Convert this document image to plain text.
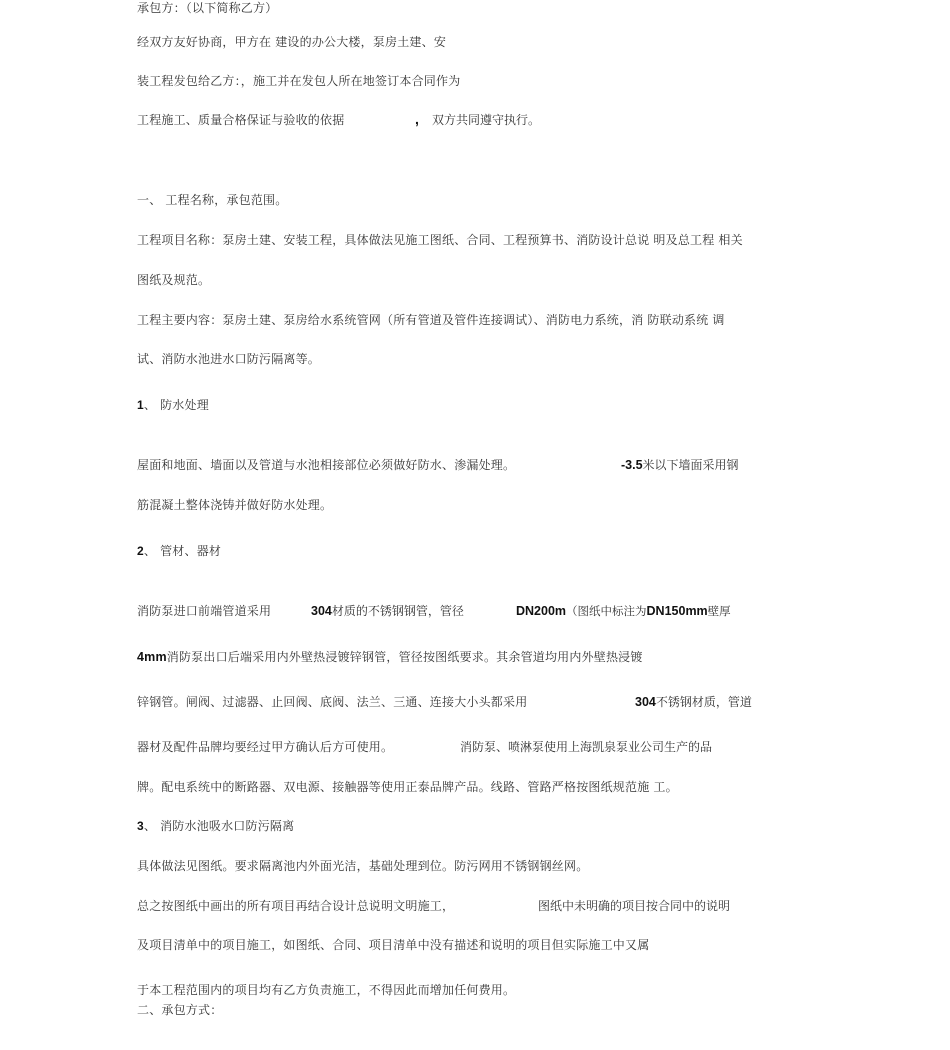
承包方：（以下简称乙方）
经双方友好协商，甲方在 建设的办公大楼，泵房土建、安
装工程发包给乙方：，施工并在发包人所在地签订本合同作为
工程施工、质量合格保证与验收的依据	, 双方共同遵守执行。
一、 工程名称，承包范围。
工程项目名称：泵房土建、安装工程，具体做法见施工图纸、合同、工程预算书、消防设计总说 明及总工程 相关
图纸及规范。
工程主要内容：泵房土建、泵房给水系统管网（所有管道及管件连接调试）、消防电力系统，消 防联动系统 调
试、消防水池进水口防污隔离等。
1、 防水处理
屋面和地面、墙面以及管道与水池相接部位必须做好防水、渗漏处理。	-3.5米以下墙面采用钢
筋混凝土整体浇铸并做好防水处理。
2、 管材、器材
消防泵进口前端管道采用	304材质的不锈钢钢管，管径	DN200m（图纸中标注为DN150mm壁厚
4mm消防泵出口后端采用内外壁热浸镀锌钢管，管径按图纸要求。其余管道均用内外壁热浸镀
锌钢管。闸阀、过滤器、止回阀、底阀、法兰、三通、连接大小头都采用	304不锈钢材质，管道
器材及配件品牌均要经过甲方确认后方可使用。	消防泵、喷淋泵使用上海凯泉泵业公司生产的品
牌。配电系统中的断路器、双电源、接触器等使用正泰品牌产品。线路、管路严格按图纸规范施 工。
3、 消防水池吸水口防污隔离
具体做法见图纸。要求隔离池内外面光洁，基础处理到位。防污网用不锈钢钢丝网。
总之按图纸中画出的所有项目再结合设计总说明文明施工，	图纸中未明确的项目按合同中的说明
及项目清单中的项目施工，如图纸、合同、项目清单中没有描述和说明的项目但实际施工中又属
于本工程范围内的项目均有乙方负责施工，不得因此而增加任何费用。
二、承包方式：
